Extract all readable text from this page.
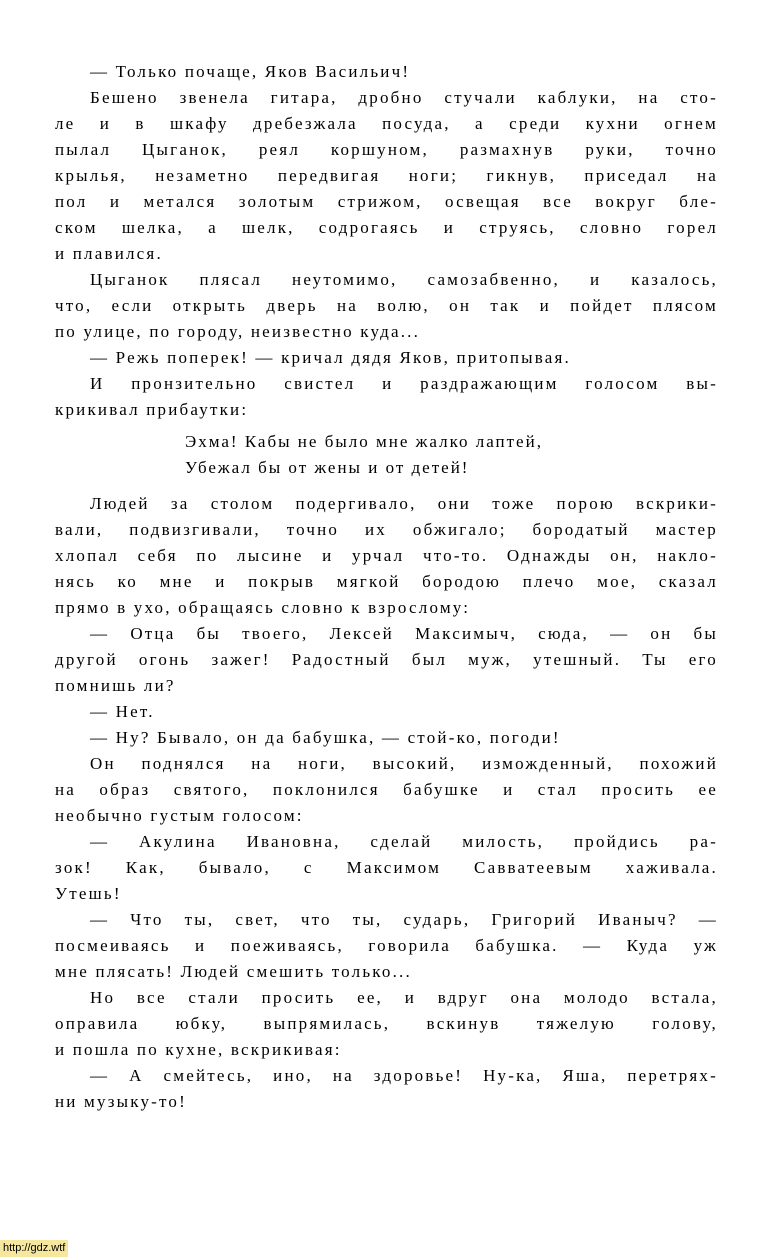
— Только почаще, Яков Васильич!
Бешено звенела гитара, дробно стучали каблуки, на сто-
ле и в шкафу дребезжала посуда, а среди кухни огнем
пылал Цыганок, реял коршуном, размахнув руки, точно
крылья, незаметно передвигая ноги; гикнув, приседал на
пол и метался золотым стрижом, освещая все вокруг бле-
ском шелка, а шелк, содрогаясь и струясь, словно горел
и плавился.
Цыганок плясал неутомимо, самозабвенно, и казалось,
что, если открыть дверь на волю, он так и пойдет плясом
по улице, по городу, неизвестно куда...
— Режь поперек! — кричал дядя Яков, притопывая.
И пронзительно свистел и раздражающим голосом вы-
крикивал прибаутки:
Эхма! Кабы не было мне жалко лаптей,
Убежал бы от жены и от детей!
Людей за столом подергивало, они тоже порою вскрики-
вали, подвизгивали, точно их обжигало; бородатый мастер
хлопал себя по лысине и урчал что-то. Однажды он, накло-
нясь ко мне и покрыв мягкой бородою плечо мое, сказал
прямо в ухо, обращаясь словно к взрослому:
— Отца бы твоего, Лексей Максимыч, сюда, — он бы
другой огонь зажег! Радостный был муж, утешный. Ты его
помнишь ли?
— Нет.
— Ну? Бывало, он да бабушка, — стой-ко, погоди!
Он поднялся на ноги, высокий, изможденный, похожий
на образ святого, поклонился бабушке и стал просить ее
необычно густым голосом:
— Акулина Ивановна, сделай милость, пройдись ра-
зок! Как, бывало, с Максимом Савватеевым хаживала.
Утешь!
— Что ты, свет, что ты, сударь, Григорий Иваныч? —
посмеиваясь и поеживаясь, говорила бабушка. — Куда уж
мне плясать! Людей смешить только...
Но все стали просить ее, и вдруг она молодо встала,
оправила юбку, выпрямилась, вскинув тяжелую голову,
и пошла по кухне, вскрикивая:
— А смейтесь, ино, на здоровье! Ну-ка, Яша, перетрях-
ни музыку-то!
http://gdz.wtf
